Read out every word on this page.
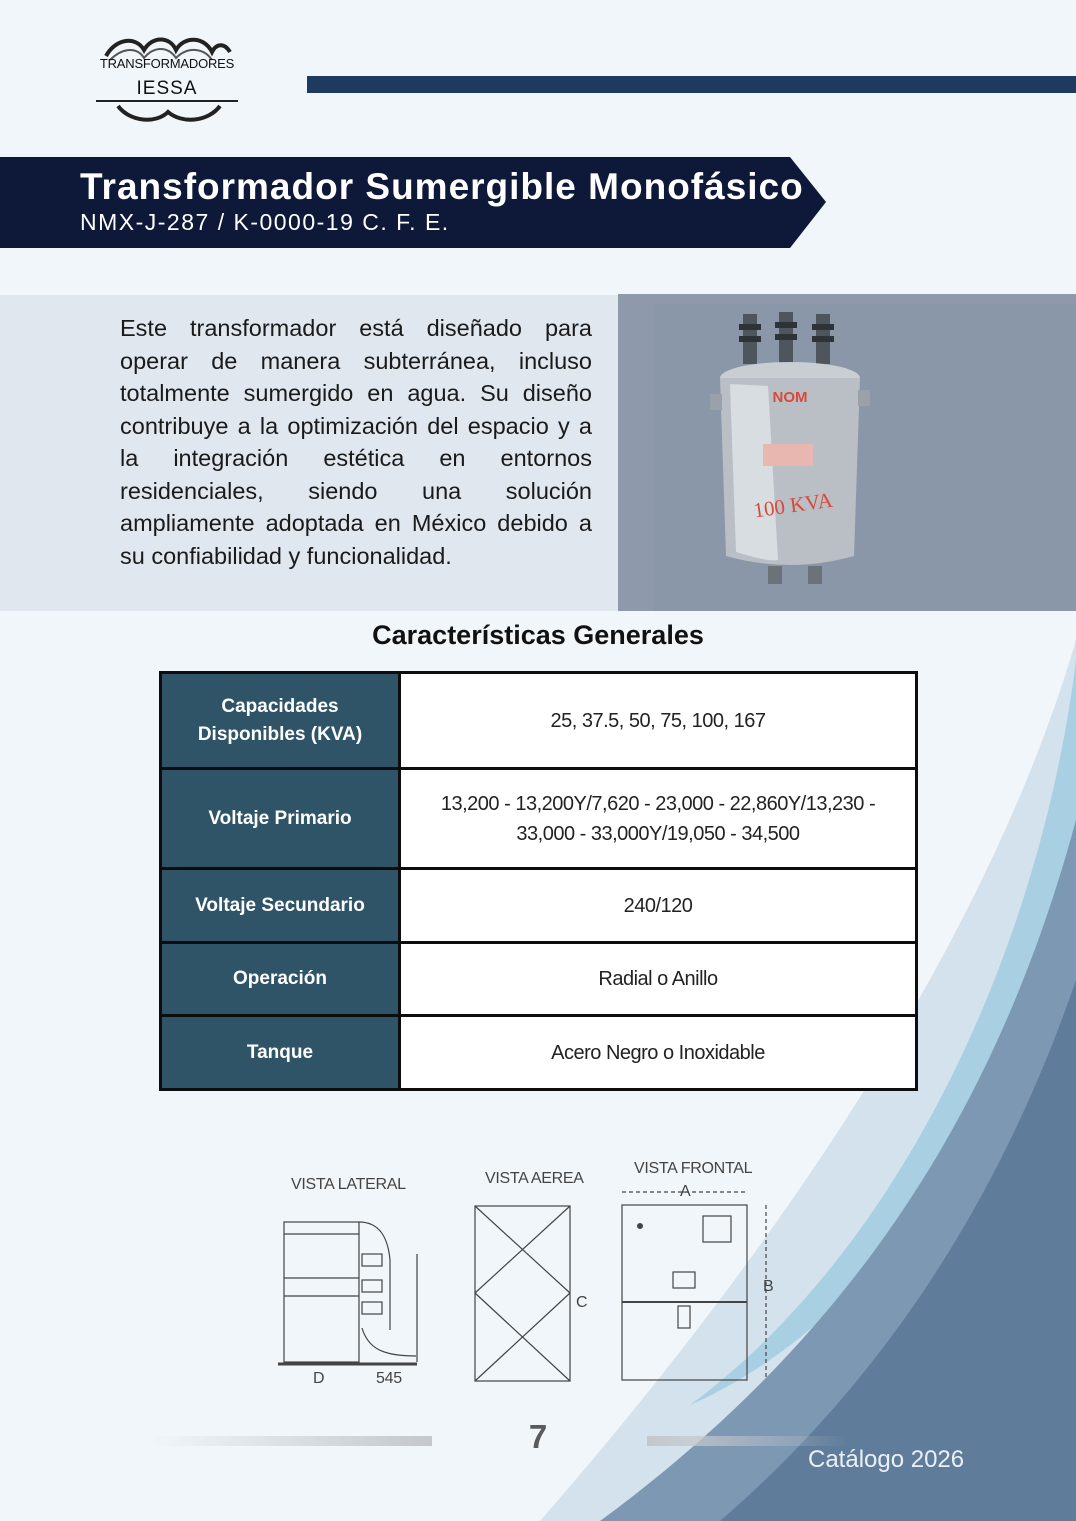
TRANSFORMADORES
IESSA
Transformador Sumergible Monofásico
NMX-J-287 / K-0000-19 C. F. E.

Este transformador está diseñado para operar de manera subterránea, incluso totalmente sumergido en agua. Su diseño contribuye a la optimización del espacio y a la integración estética en entornos residenciales, siendo una solución ampliamente adoptada en México debido a su confiabilidad y funcionalidad.

NOM
100 KVA
Características Generales
Capacidades Disponibles (KVA)	25, 37.5, 50, 75, 100, 167
Voltaje Primario	13,200 - 13,200Y/7,620 - 23,000 - 22,860Y/13,230 - 33,000 - 33,000Y/19,050 - 34,500
Voltaje Secundario	240/120
Operación	Radial o Anillo
Tanque	Acero Negro o Inoxidable
VISTA LATERAL	VISTA AEREA
VISTA FRONTAL
D	545
C
A
B
7
Catálogo 2026
